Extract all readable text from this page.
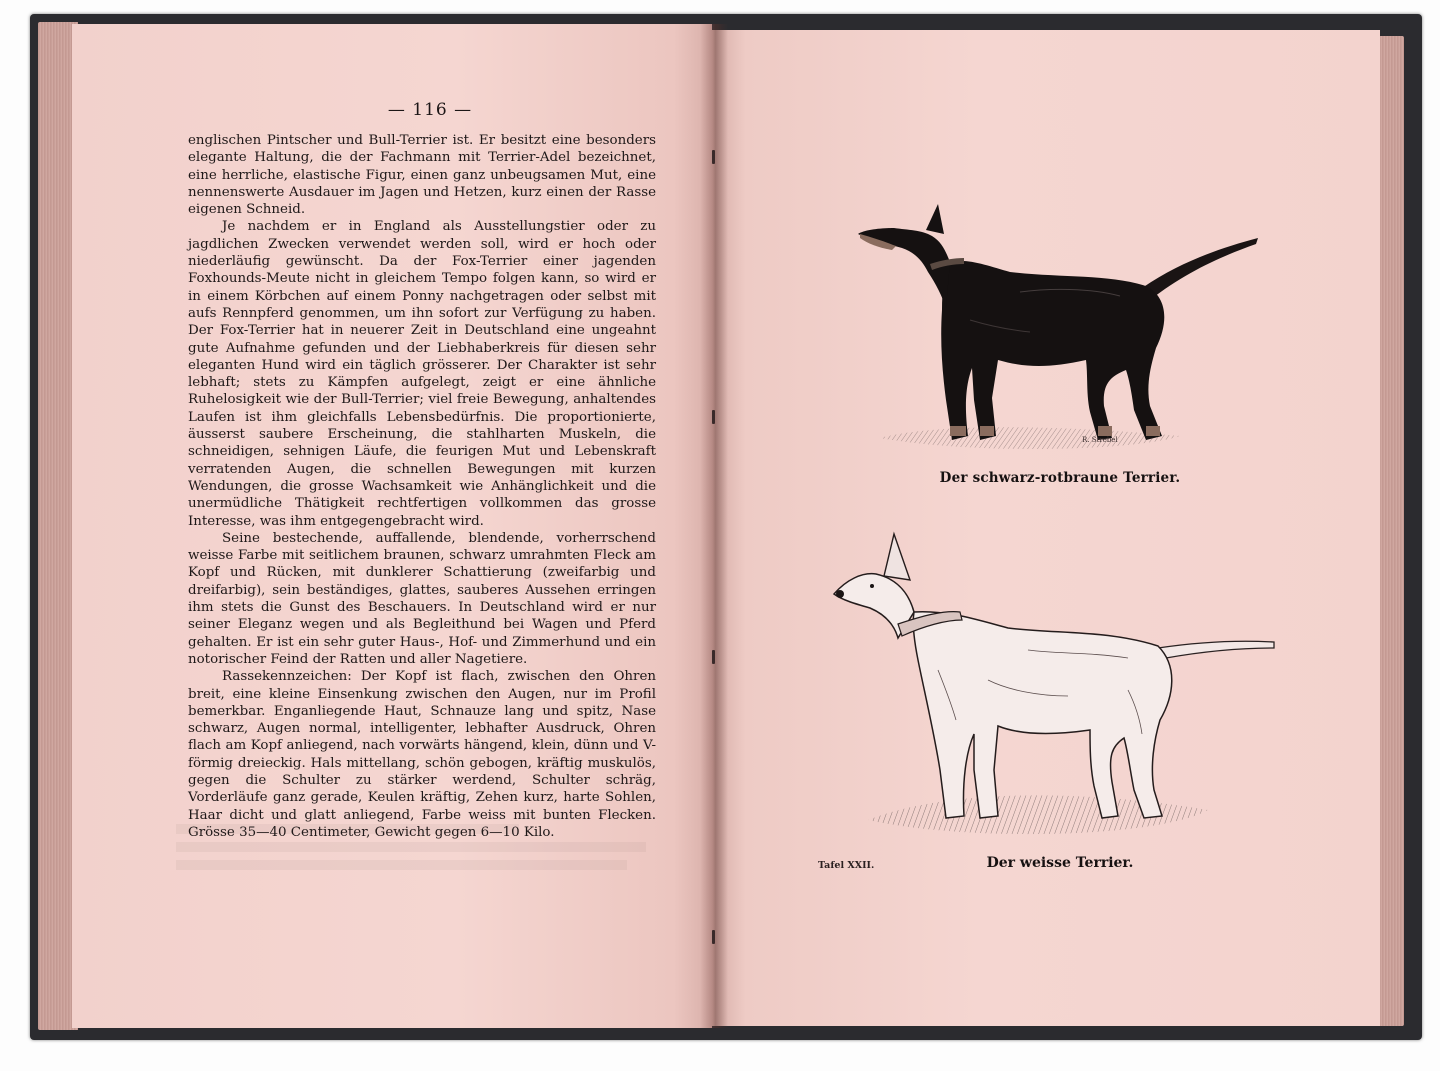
— 116 —

englischen Pintscher und Bull-Terrier ist. Er besitzt eine besonders elegante Haltung, die der Fachmann mit Terrier-Adel bezeichnet, eine herrliche, elastische Figur, einen ganz unbeugsamen Mut, eine nennenswerte Ausdauer im Jagen und Hetzen, kurz einen der Rasse eigenen Schneid.

Je nachdem er in England als Ausstellungstier oder zu jagdlichen Zwecken verwendet werden soll, wird er hoch oder niederläufig gewünscht. Da der Fox-Terrier einer jagenden Foxhounds-Meute nicht in gleichem Tempo folgen kann, so wird er in einem Körbchen auf einem Ponny nachgetragen oder selbst mit aufs Rennpferd genommen, um ihn sofort zur Verfügung zu haben. Der Fox-Terrier hat in neuerer Zeit in Deutschland eine ungeahnt gute Aufnahme gefunden und der Liebhaberkreis für diesen sehr eleganten Hund wird ein täglich grösserer. Der Charakter ist sehr lebhaft; stets zu Kämpfen aufgelegt, zeigt er eine ähnliche Ruhelosigkeit wie der Bull-Terrier; viel freie Bewegung, anhaltendes Laufen ist ihm gleichfalls Lebensbedürfnis. Die proportionierte, äusserst saubere Erscheinung, die stahlharten Muskeln, die schneidigen, sehnigen Läufe, die feurigen Mut und Lebenskraft verratenden Augen, die schnellen Bewegungen mit kurzen Wendungen, die grosse Wachsamkeit wie Anhänglichkeit und die unermüdliche Thätigkeit rechtfertigen vollkommen das grosse Interesse, was ihm entgegengebracht wird.

Seine bestechende, auffallende, blendende, vorherrschend weisse Farbe mit seitlichem braunen, schwarz umrahmten Fleck am Kopf und Rücken, mit dunklerer Schattierung (zweifarbig und dreifarbig), sein beständiges, glattes, sauberes Aussehen erringen ihm stets die Gunst des Beschauers. In Deutschland wird er nur seiner Eleganz wegen und als Begleithund bei Wagen und Pferd gehalten. Er ist ein sehr guter Haus-, Hof- und Zimmerhund und ein notorischer Feind der Ratten und aller Nagetiere.

Rassekennzeichen: Der Kopf ist flach, zwischen den Ohren breit, eine kleine Einsenkung zwischen den Augen, nur im Profil bemerkbar. Enganliegende Haut, Schnauze lang und spitz, Nase schwarz, Augen normal, intelligenter, lebhafter Ausdruck, Ohren flach am Kopf anliegend, nach vorwärts hängend, klein, dünn und V-förmig dreieckig. Hals mittellang, schön gebogen, kräftig muskulös, gegen die Schulter zu stärker werdend, Schulter schräg, Vorderläufe ganz gerade, Keulen kräftig, Zehen kurz, harte Sohlen, Haar dicht und glatt anliegend, Farbe weiss mit bunten Flecken. Grösse 35—40 Centimeter, Gewicht gegen 6—10 Kilo.

R. Strebel
Der schwarz-rotbraune Terrier.
Tafel XXII.	Der weisse Terrier.
